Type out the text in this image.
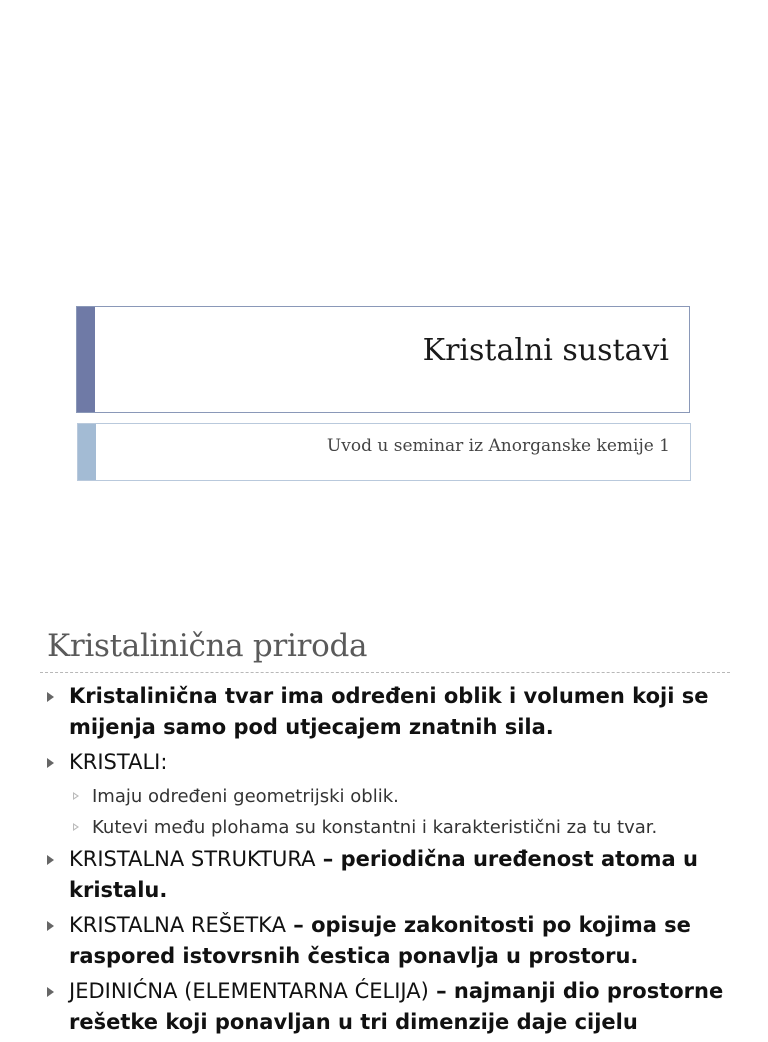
Kristalni sustavi
Uvod u seminar iz Anorganske kemije 1
Kristalinična priroda
Kristalinična tvar ima određeni oblik i volumen koji se mijenja samo pod utjecajem znatnih sila.
KRISTALI:
Imaju određeni geometrijski oblik.
Kutevi među plohama su konstantni i karakteristični za tu tvar.
KRISTALNA STRUKTURA – periodična uređenost atoma u kristalu.
KRISTALNA REŠETKA – opisuje zakonitosti po kojima se raspored istovrsnih čestica ponavlja u prostoru.
JEDINIĆNA (ELEMENTARNA ĆELIJA) – najmanji dio prostorne rešetke koji ponavljan u tri dimenzije daje cijelu
